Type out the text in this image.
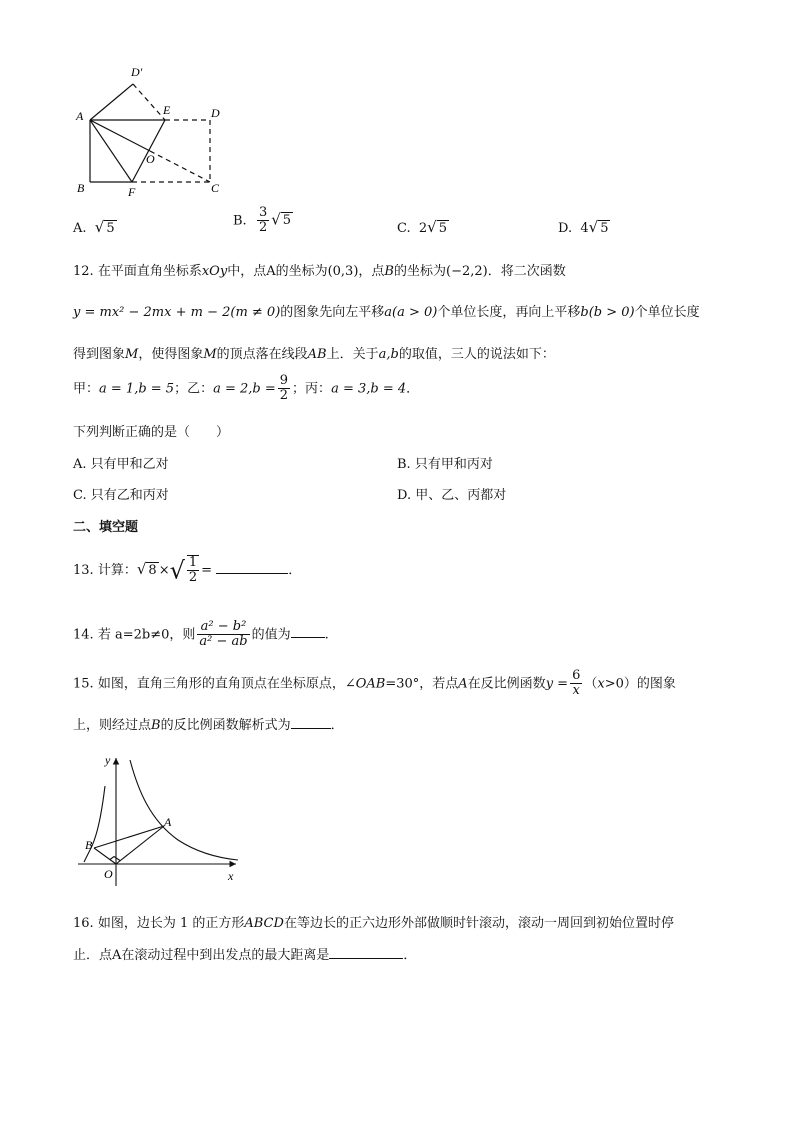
D′
A	E	D
O
B	F	C
A. √ 5
B. $\frac{3}{2}$ √ 5
C. 2√ 5	D. 4√ 5
12. 在平面直角坐标系xOy中，点A的坐标为(0,3)，点B的坐标为(−2,2)．将二次函数
y = mx² − 2mx + m − 2(m ≠ 0)的图象先向左平移a(a > 0)个单位长度，再向上平移b(b > 0)个单位长度
得到图象M，使得图象M的顶点落在线段AB上．关于a,b的取值，三人的说法如下：
甲：a = 1,b = 5；乙：$a = 2,b = \frac{9}{2}$ ；丙：a = 3,b = 4．
下列判断正确的是（　　）
A. 只有甲和乙对	B. 只有甲和丙对
C. 只有乙和丙对	D. 甲、乙、丙都对
二、填空题
13. 计算：√ 8 ×√ $\frac{1}{2}$ =	．
14. 若 a=2b≠0，则 $\frac{\text{a² − b²}}{\text{a² − ab}}$ 的值为	.
15. 如图，直角三角形的直角顶点在坐标原点，∠OAB=30°，若点A在反比例函数$y = \frac{6}{x} (x>0)$的图象
上，则经过点B的反比例函数解析式为	．
y
A
B
O	x
16. 如图，边长为 1 的正方形ABCD在等边长的正六边形外部做顺时针滚动，滚动一周回到初始位置时停
止．点A在滚动过程中到出发点的最大距离是	．
